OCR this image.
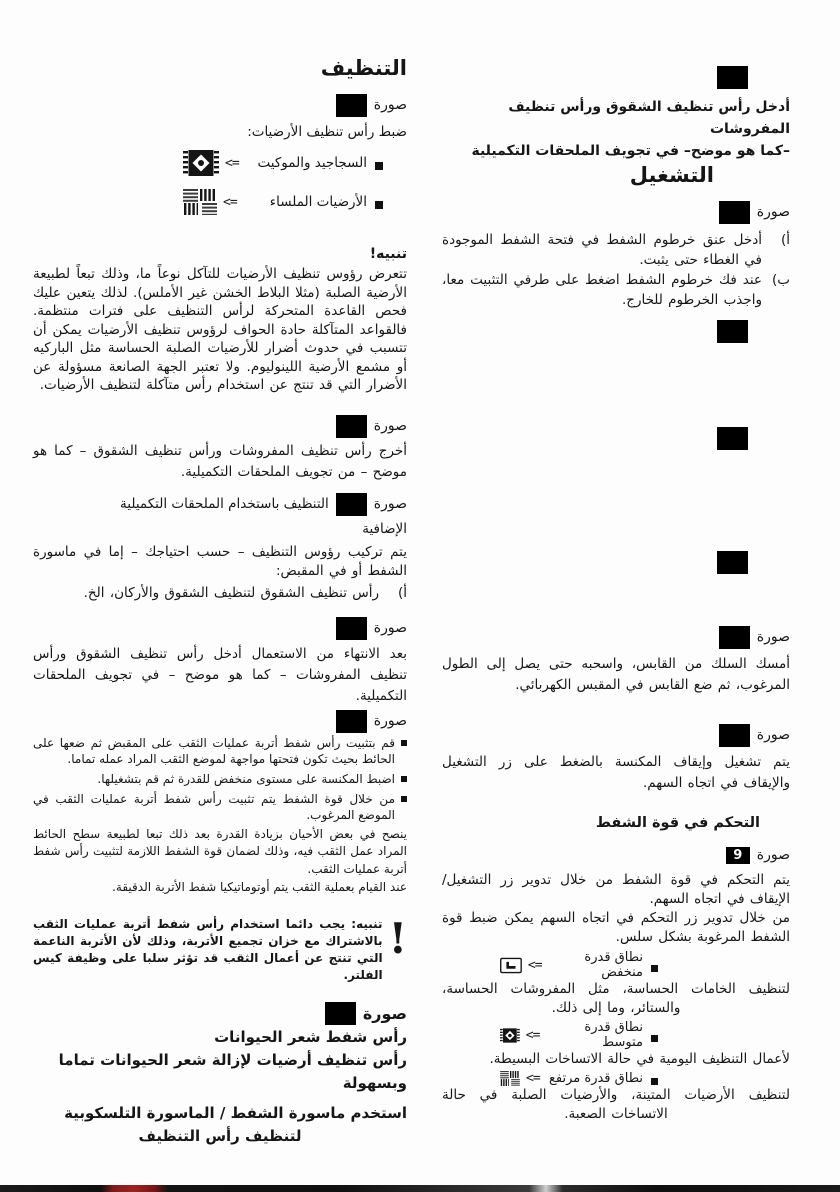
التنظيف
صورة
ضبط رأس تنظيف الأرضيات:
السجاجيد والموكيت
<=
الأرضيات الملساء
<=
تنبيه!

تتعرض رؤوس تنظيف الأرضيات للتآكل نوعاً ما، وذلك تبعاً لطبيعة الأرضية الصلبة (مثلا البلاط الخشن غير الأملس). لذلك يتعين عليك فحص القاعدة المتحركة لرأس التنظيف على فترات منتظمة. فالقواعد المتآكلة حادة الحواف لرؤوس تنظيف الأرضيات يمكن أن تتسبب في حدوث أضرار للأرضيات الصلبة الحساسة مثل الباركيه أو مشمع الأرضية اللينوليوم. ولا تعتبر الجهة الصانعة مسؤولة عن الأضرار التي قد تنتج عن استخدام رأس متآكلة لتنظيف الأرضيات.

صورة

أخرج رأس تنظيف المفروشات ورأس تنظيف الشقوق – كما هو موضح – من تجويف الملحقات التكميلية.

صورة
التنظيف باستخدام الملحقات التكميلية
الإضافية

يتم تركيب رؤوس التنظيف – حسب احتياجك – إما في ماسورة الشفط أو في المقبض:

أ)

رأس تنظيف الشقوق لتنظيف الشقوق والأركان، الخ.

صورة

بعد الانتهاء من الاستعمال أدخل رأس تنظيف الشقوق ورأس تنظيف المفروشات – كما هو موضح – في تجويف الملحقات التكميلية.

صورة

قم بتثبيت رأس شفط أتربة عمليات الثقب على المقبض ثم ضعها على الحائط بحيث تكون فتحتها مواجهة لموضع الثقب المراد عمله تماما.

اضبط المكنسة على مستوى منخفض للقدرة ثم قم بتشغيلها.

من خلال قوة الشفط يتم تثبيت رأس شفط أتربة عمليات الثقب في الموضع المرغوب.

ينصح في بعض الأحيان بزيادة القدرة بعد ذلك تبعا لطبيعة سطح الحائط المراد عمل الثقب فيه، وذلك لضمان قوة الشفط اللازمة لتثبيت رأس شفط أتربة عمليات الثقب.

عند القيام بعملية الثقب يتم أوتوماتيكيا شفط الأتربة الدقيقة.

!

تنبيه: يجب دائما استخدام رأس شفط أتربة عمليات الثقب بالاشتراك مع خزان تجميع الأتربة، وذلك لأن الأتربة الناعمة التي تنتج عن أعمال الثقب قد تؤثر سلبا على وظيفة كيس الفلتر.

صورة
رأس شفط شعر الحيوانات
رأس تنظيف أرضيات لإزالة شعر الحيوانات تماما
وبسهولة
استخدم ماسورة الشفط / الماسورة التلسكوبية
لتنظيف رأس التنظيف
أدخل رأس تنظيف الشقوق ورأس تنظيف المفروشات
–كما هو موضح– في تجويف الملحقات التكميلية
التشغيل
صورة
أ)

أدخل عنق خرطوم الشفط في فتحة الشفط الموجودة في الغطاء حتى يثبت.

ب)

عند فك خرطوم الشفط اضغط على طرفي التثبيت معا، واجذب الخرطوم للخارج.

صورة

أمسك السلك من القابس، واسحبه حتى يصل إلى الطول المرغوب، ثم ضع القابس في المقبس الكهربائي.

صورة

يتم تشغيل وإيقاف المكنسة بالضغط على زر التشغيل والإيقاف في اتجاه السهم.

التحكم في قوة الشفط
صورة
9

يتم التحكم في قوة الشفط من خلال تدوير زر التشغيل/الإيقاف في اتجاه السهم.

من خلال تدوير زر التحكم في اتجاه السهم يمكن ضبط قوة الشفط المرغوبة بشكل سلس.

نطاق قدرة منخفض
<=

لتنظيف الخامات الحساسة، مثل المفروشات الحساسة، والستائر، وما إلى ذلك.

نطاق قدرة متوسط
<=

لأعمال التنظيف اليومية في حالة الاتساخات البسيطة.

نطاق قدرة مرتفع
<=

لتنظيف الأرضيات المتينة، والأرضيات الصلبة في حالة الاتساخات الصعبة.
